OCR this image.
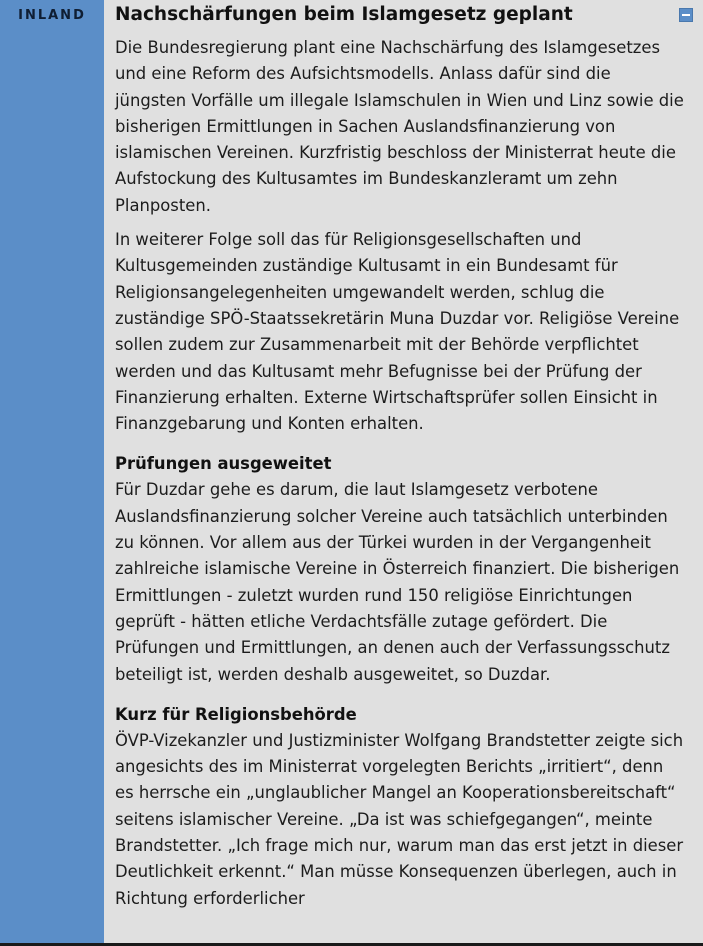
INLAND	Nachschärfungen beim Islamgesetz geplant

Die Bundesregierung plant eine Nachschärfung des Islamgesetzes und eine Reform des Aufsichtsmodells. Anlass dafür sind die jüngsten Vorfälle um illegale Islamschulen in Wien und Linz sowie die bisherigen Ermittlungen in Sachen Auslandsfinanzierung von islamischen Vereinen. Kurzfristig beschloss der Ministerrat heute die Aufstockung des Kultusamtes im Bundeskanzleramt um zehn Planposten.

In weiterer Folge soll das für Religionsgesellschaften und Kultusgemeinden zuständige Kultusamt in ein Bundesamt für Religionsangelegenheiten umgewandelt werden, schlug die zuständige SPÖ-Staatssekretärin Muna Duzdar vor. Religiöse Vereine sollen zudem zur Zusammenarbeit mit der Behörde verpflichtet werden und das Kultusamt mehr Befugnisse bei der Prüfung der Finanzierung erhalten. Externe Wirtschaftsprüfer sollen Einsicht in Finanzgebarung und Konten erhalten.

Prüfungen ausgeweitet

Für Duzdar gehe es darum, die laut Islamgesetz verbotene Auslandsfinanzierung solcher Vereine auch tatsächlich unterbinden zu können. Vor allem aus der Türkei wurden in der Vergangenheit zahlreiche islamische Vereine in Österreich finanziert. Die bisherigen Ermittlungen - zuletzt wurden rund 150 religiöse Einrichtungen geprüft - hätten etliche Verdachtsfälle zutage gefördert. Die Prüfungen und Ermittlungen, an denen auch der Verfassungsschutz beteiligt ist, werden deshalb ausgeweitet, so Duzdar.

Kurz für Religionsbehörde

ÖVP-Vizekanzler und Justizminister Wolfgang Brandstetter zeigte sich angesichts des im Ministerrat vorgelegten Berichts „irritiert“, denn es herrsche ein „unglaublicher Mangel an Kooperationsbereitschaft“ seitens islamischer Vereine. „Da ist was schiefgegangen“, meinte Brandstetter. „Ich frage mich nur, warum man das erst jetzt in dieser Deutlichkeit erkennt.“ Man müsse Konsequenzen überlegen, auch in Richtung erforderlicher
